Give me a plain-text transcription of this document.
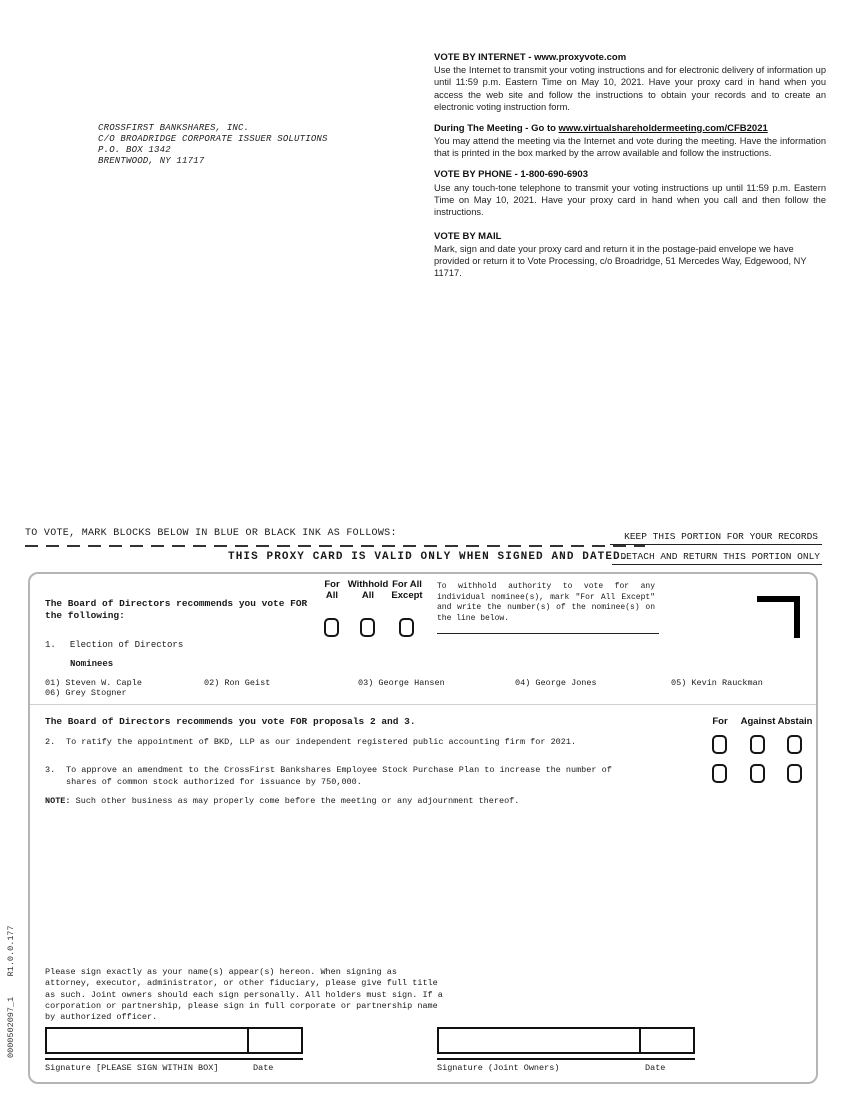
CROSSFIRST BANKSHARES, INC.
C/O BROADRIDGE CORPORATE ISSUER SOLUTIONS
P.O. BOX 1342
BRENTWOOD, NY 11717
VOTE BY INTERNET - www.proxyvote.com

Use the Internet to transmit your voting instructions and for electronic delivery of information up until 11:59 p.m. Eastern Time on May 10, 2021. Have your proxy card in hand when you access the web site and follow the instructions to obtain your records and to create an electronic voting instruction form.

During The Meeting - Go to www.virtualshareholdermeeting.com/CFB2021

You may attend the meeting via the Internet and vote during the meeting. Have the information that is printed in the box marked by the arrow available and follow the instructions.

VOTE BY PHONE - 1-800-690-6903

Use any touch-tone telephone to transmit your voting instructions up until 11:59 p.m. Eastern Time on May 10, 2021. Have your proxy card in hand when you call and then follow the instructions.

VOTE BY MAIL

Mark, sign and date your proxy card and return it in the postage-paid envelope we have provided or return it to Vote Processing, c/o Broadridge, 51 Mercedes Way, Edgewood, NY 11717.

TO VOTE, MARK BLOCKS BELOW IN BLUE OR BLACK INK AS FOLLOWS:	KEEP THIS PORTION FOR YOUR RECORDS
THIS PROXY CARD IS VALID ONLY WHEN SIGNED AND DATED.
DETACH AND RETURN THIS PORTION ONLY
The Board of Directors recommends you vote FOR the following:
For
All
Withhold
All
For All
Except
To withhold authority to vote for any individual nominee(s), mark "For All Except" and write the number(s) of the nominee(s) on the line below.
1. Election of Directors
Nominees
01) Steven W. Caple	02) Ron Geist	03) George Hansen	04) George Jones	05) Kevin Rauckman
06) Grey Stogner
The Board of Directors recommends you vote FOR proposals 2 and 3.	For	Against Abstain
2.	To ratify the appointment of BKD, LLP as our independent registered public accounting firm for 2021.
3.	To approve an amendment to the CrossFirst Bankshares Employee Stock Purchase Plan to increase the number of shares of common stock authorized for issuance by 750,000.
NOTE: Such other business as may properly come before the meeting or any adjournment thereof.
Please sign exactly as your name(s) appear(s) hereon. When signing as attorney, executor, administrator, or other fiduciary, please give full title as such. Joint owners should each sign personally. All holders must sign. If a corporation or partnership, please sign in full corporate or partnership name by authorized officer.
Signature [PLEASE SIGN WITHIN BOX]	Date	Signature (Joint Owners)	Date
0000502097_1    R1.0.0.177
